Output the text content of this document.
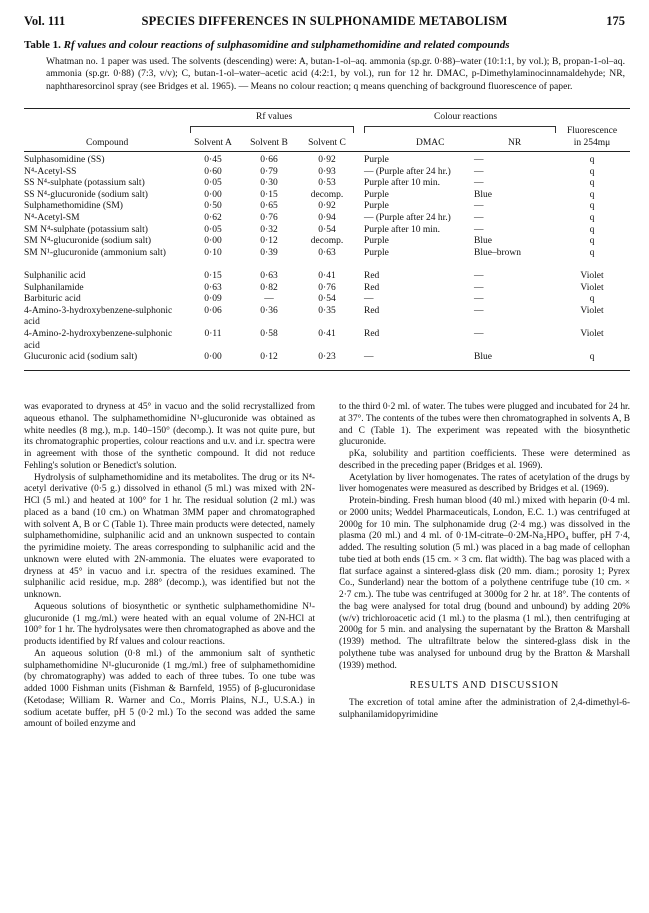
Vol. 111	SPECIES DIFFERENCES IN SULPHONAMIDE METABOLISM	175
Table 1. Rf values and colour reactions of sulphasomidine and sulphamethomidine and related compounds
Whatman no. 1 paper was used. The solvents (descending) were: A, butan-1-ol–aq. ammonia (sp.gr. 0·88)–water (10:1:1, by vol.); B, propan-1-ol–aq. ammonia (sp.gr. 0·88) (7:3, v/v); C, butan-1-ol–water–acetic acid (4:2:1, by vol.), run for 12 hr. DMAC, p-Dimethylaminocinnamaldehyde; NR, naphtharesorcinol spray (see Bridges et al. 1965). — Means no colour reaction; q means quenching of background fluorescence of paper.
Rf values	Colour reactions
Fluorescence
in 254mμ
Compound	Solvent A	Solvent B	Solvent C	DMAC	NR
Sulphasomidine (SS)	0·45	0·66	0·92	Purple	—	q
N⁴-Acetyl-SS	0·60	0·79	0·93	— (Purple after 24 hr.)	—	q
SS N⁴-sulphate (potassium salt)	0·05	0·30	0·53	Purple after 10 min.	—	q
SS N⁴-glucuronide (sodium salt)	0·00	0·15	decomp.	Purple	Blue	q
Sulphamethomidine (SM)	0·50	0·65	0·92	Purple	—	q
N⁴-Acetyl-SM	0·62	0·76	0·94	— (Purple after 24 hr.)	—	q
SM N⁴-sulphate (potassium salt)	0·05	0·32	0·54	Purple after 10 min.	—	q
SM N⁴-glucuronide (sodium salt)	0·00	0·12	decomp.	Purple	Blue	q
SM N¹-glucuronide (ammonium salt)	0·10	0·39	0·63	Purple	Blue–brown	q
Sulphanilic acid	0·15	0·63	0·41	Red	—	Violet
Sulphanilamide	0·63	0·82	0·76	Red	—	Violet
Barbituric acid	0·09	—	0·54	—	—	q
4-Amino-3-hydroxybenzene-sulphonic acid
0·06	0·36	0·35	Red	—	Violet
4-Amino-2-hydroxybenzene-sulphonic acid
0·11	0·58	0·41	Red	—	Violet
Glucuronic acid (sodium salt)	0·00	0·12	0·23	—	Blue	q

was evaporated to dryness at 45° in vacuo and the solid recrystallized from aqueous ethanol. The sulphamethomidine N¹-glucuronide was obtained as white needles (8 mg.), m.p. 140–150° (decomp.). It was not quite pure, but its chromatographic properties, colour reactions and u.v. and i.r. spectra were in agreement with those of the synthetic compound. It did not reduce Fehling's solution or Benedict's solution.

Hydrolysis of sulphamethomidine and its metabolites. The drug or its N⁴-acetyl derivative (0·5 g.) dissolved in ethanol (5 ml.) was mixed with 2N-HCl (5 ml.) and heated at 100° for 1 hr. The residual solution (2 ml.) was placed as a band (10 cm.) on Whatman 3MM paper and chromatographed with solvent A, B or C (Table 1). Three main products were detected, namely sulphamethomidine, sulphanilic acid and an unknown suspected to contain the pyrimidine moiety. The areas corresponding to sulphanilic acid and the unknown were eluted with 2N-ammonia. The eluates were evaporated to dryness at 45° in vacuo and i.r. spectra of the residues examined. The sulphanilic acid residue, m.p. 288° (decomp.), was identified but not the unknown.

Aqueous solutions of biosynthetic or synthetic sulphamethomidine N¹-glucuronide (1 mg./ml.) were heated with an equal volume of 2N-HCl at 100° for 1 hr. The hydrolysates were then chromatographed as above and the products identified by Rf values and colour reactions.

An aqueous solution (0·8 ml.) of the ammonium salt of synthetic sulphamethomidine N¹-glucuronide (1 mg./ml.) free of sulphamethomidine (by chromatography) was added to each of three tubes. To one tube was added 1000 Fishman units (Fishman & Barnfeld, 1955) of β-glucuronidase (Ketodase; William R. Warner and Co., Morris Plains, N.J., U.S.A.) in sodium acetate buffer, pH 5 (0·2 ml.) To the second was added the same amount of boiled enzyme and

to the third 0·2 ml. of water. The tubes were plugged and incubated for 24 hr. at 37°. The contents of the tubes were then chromatographed in solvents A, B and C (Table 1). The experiment was repeated with the biosynthetic glucuronide.

pKa, solubility and partition coefficients. These were determined as described in the preceding paper (Bridges et al. 1969).

Acetylation by liver homogenates. The rates of acetylation of the drugs by liver homogenates were measured as described by Bridges et al. (1969).

Protein-binding. Fresh human blood (40 ml.) mixed with heparin (0·4 ml. or 2000 units; Weddel Pharmaceuticals, London, E.C. 1.) was centrifuged at 2000g for 10 min. The sulphonamide drug (2·4 mg.) was dissolved in the plasma (20 ml.) and 4 ml. of 0·1M-citrate–0·2M-Na₂HPO₄ buffer, pH 7·4, added. The resulting solution (5 ml.) was placed in a bag made of cellophan tube tied at both ends (15 cm. × 3 cm. flat width). The bag was placed with a flat surface against a sintered-glass disk (20 mm. diam.; porosity 1; Pyrex Co., Sunderland) near the bottom of a polythene centrifuge tube (10 cm. × 2·7 cm.). The tube was centrifuged at 3000g for 2 hr. at 18°. The contents of the bag were analysed for total drug (bound and unbound) by adding 20% (w/v) trichloroacetic acid (1 ml.) to the plasma (1 ml.), then centrifuging at 2000g for 5 min. and analysing the supernatant by the Bratton & Marshall (1939) method. The ultrafiltrate below the sintered-glass disk in the polythene tube was analysed for unbound drug by the Bratton & Marshall (1939) method.

RESULTS AND DISCUSSION

The excretion of total amine after the administration of 2,4-dimethyl-6-sulphanilamidopyrimidine
